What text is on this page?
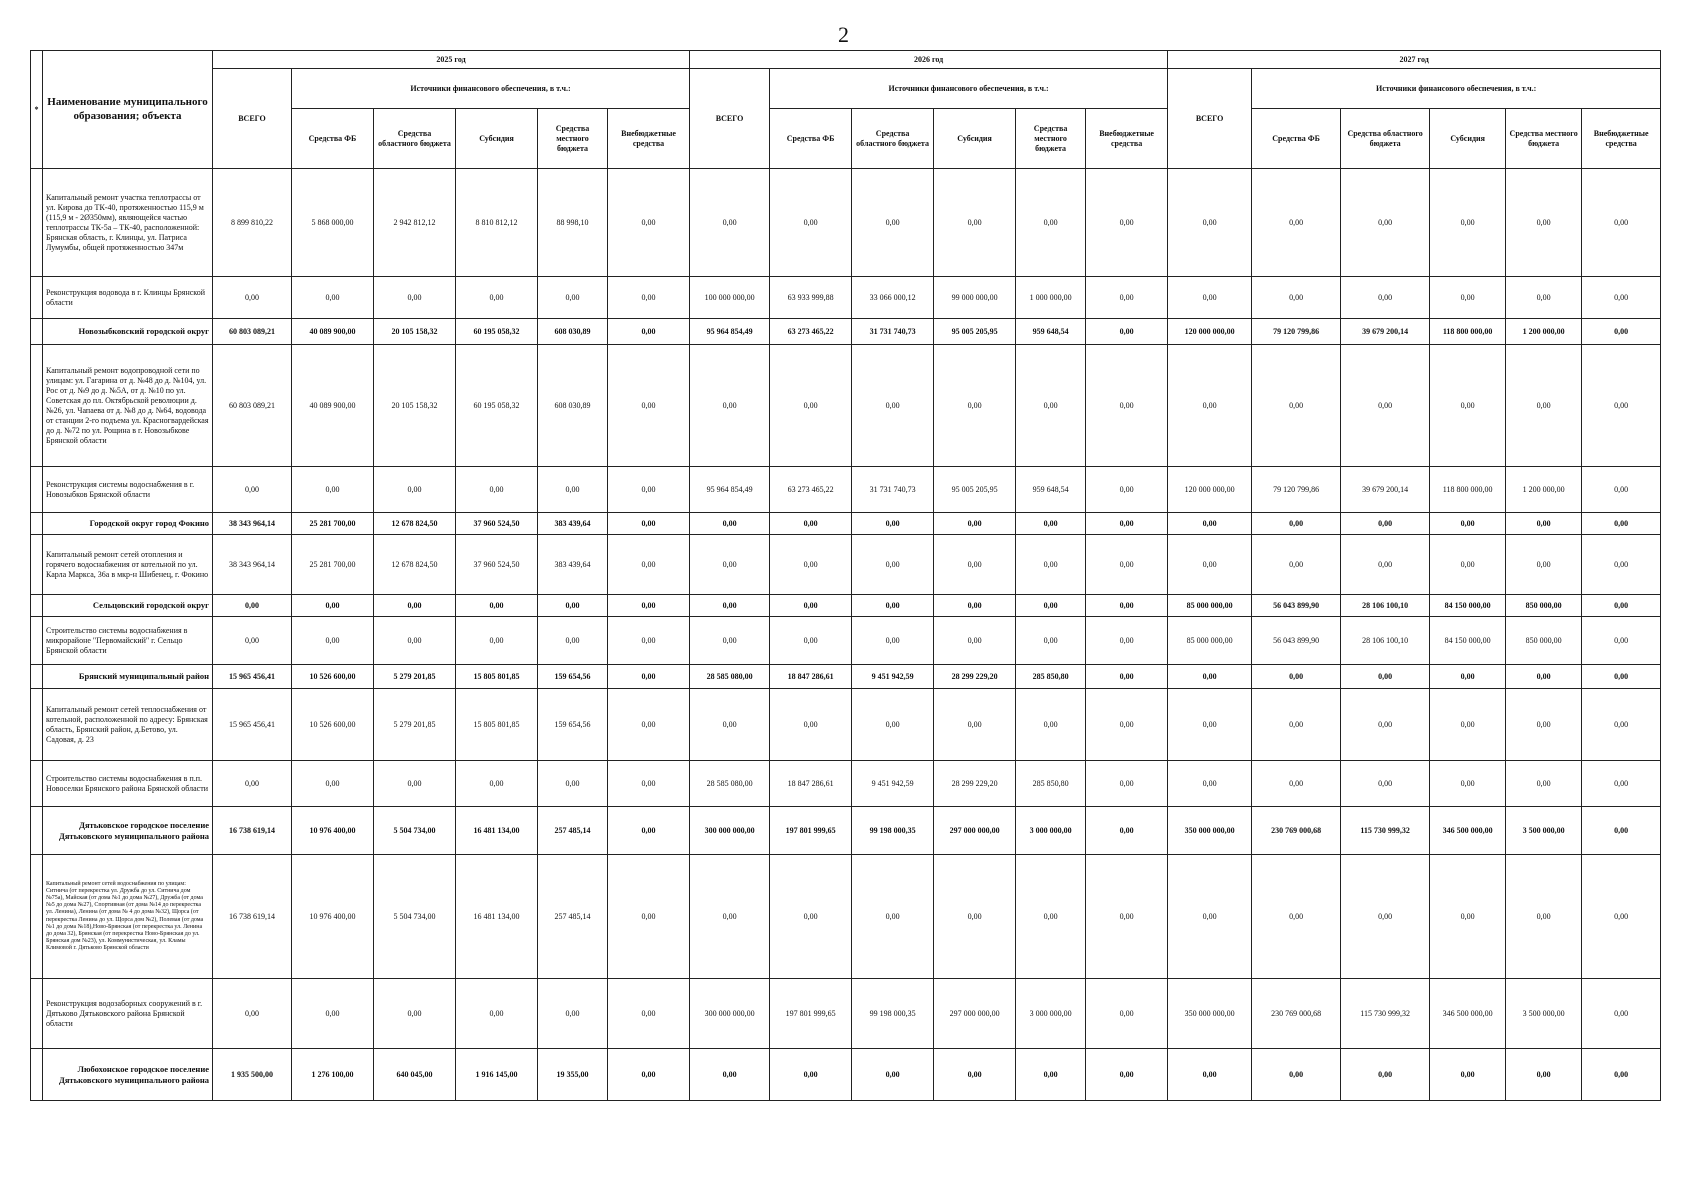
2
*	Наименование муниципального образования; объекта	2025 год						2026 год						2027 год					
		ВСЕГО	Источники финансового обеспечения, в т.ч.:					ВСЕГО	Источники финансового обеспечения, в т.ч.:					ВСЕГО	Источники финансового обеспечения, в т.ч.:				
			Средства ФБ	Средства областного бюджета	Субсидия	Средства местного бюджета	Внебюджетные средства		Средства ФБ	Средства областного бюджета	Субсидия	Средства местного бюджета	Внебюджетные средства		Средства ФБ	Средства областного бюджета	Субсидия	Средства местного бюджета	Внебюджетные средства
	Капитальный ремонт участка теплотрассы от ул. Кирова до ТК-40, протяженностью 115,9 м (115,9 м - 2Ø350мм), являющейся частью теплотрассы ТК-5а – ТК-40, расположенной: Брянская область, г. Клинцы, ул. Патриса Лумумбы, общей протяженностью 347м	8 899 810,22	5 868 000,00	2 942 812,12	8 810 812,12	88 998,10	0,00	0,00	0,00	0,00	0,00	0,00	0,00	0,00	0,00	0,00	0,00	0,00	0,00
	Реконструкция водовода в г. Клинцы Брянской области	0,00	0,00	0,00	0,00	0,00	0,00	100 000 000,00	63 933 999,88	33 066 000,12	99 000 000,00	1 000 000,00	0,00	0,00	0,00	0,00	0,00	0,00	0,00
	Новозыбковский городской округ	60 803 089,21	40 089 900,00	20 105 158,32	60 195 058,32	608 030,89	0,00	95 964 854,49	63 273 465,22	31 731 740,73	95 005 205,95	959 648,54	0,00	120 000 000,00	79 120 799,86	39 679 200,14	118 800 000,00	1 200 000,00	0,00
	Капитальный ремонт водопроводной сети по улицам: ул. Гагарина от д. №48 до д. №104, ул. Рос от д. №9 до д. №5А, от д. №10 по ул. Советская до пл. Октябрьской революции д. №26, ул. Чапаева от д. №8 до д. №64, водовода от станции 2-го подъема ул. Красногвардейская до д. №72 по ул. Рощина в г. Новозыбкове Брянской области	60 803 089,21	40 089 900,00	20 105 158,32	60 195 058,32	608 030,89	0,00	0,00	0,00	0,00	0,00	0,00	0,00	0,00	0,00	0,00	0,00	0,00	0,00
	Реконструкция системы водоснабжения в г. Новозыбков Брянской области	0,00	0,00	0,00	0,00	0,00	0,00	95 964 854,49	63 273 465,22	31 731 740,73	95 005 205,95	959 648,54	0,00	120 000 000,00	79 120 799,86	39 679 200,14	118 800 000,00	1 200 000,00	0,00
	Городской округ город Фокино	38 343 964,14	25 281 700,00	12 678 824,50	37 960 524,50	383 439,64	0,00	0,00	0,00	0,00	0,00	0,00	0,00	0,00	0,00	0,00	0,00	0,00	0,00
	Капитальный ремонт сетей отопления и горячего водоснабжения от котельной по ул. Карла Маркса, 36а в мкр-н Шибенец, г. Фокино	38 343 964,14	25 281 700,00	12 678 824,50	37 960 524,50	383 439,64	0,00	0,00	0,00	0,00	0,00	0,00	0,00	0,00	0,00	0,00	0,00	0,00	0,00
	Сельцовский городской округ	0,00	0,00	0,00	0,00	0,00	0,00	0,00	0,00	0,00	0,00	0,00	0,00	85 000 000,00	56 043 899,90	28 106 100,10	84 150 000,00	850 000,00	0,00
	Строительство системы водоснабжения в микрорайоне "Первомайский" г. Сельцо Брянской области	0,00	0,00	0,00	0,00	0,00	0,00	0,00	0,00	0,00	0,00	0,00	0,00	85 000 000,00	56 043 899,90	28 106 100,10	84 150 000,00	850 000,00	0,00
	Брянский муниципальный район	15 965 456,41	10 526 600,00	5 279 201,85	15 805 801,85	159 654,56	0,00	28 585 080,00	18 847 286,61	9 451 942,59	28 299 229,20	285 850,80	0,00	0,00	0,00	0,00	0,00	0,00	0,00
	Капитальный ремонт сетей теплоснабжения от котельной, расположенной по адресу: Брянская область, Брянский район, д.Бетово, ул. Садовая, д. 23	15 965 456,41	10 526 600,00	5 279 201,85	15 805 801,85	159 654,56	0,00	0,00	0,00	0,00	0,00	0,00	0,00	0,00	0,00	0,00	0,00	0,00	0,00
	Строительство системы водоснабжения в п.п. Новоселки Брянского района Брянской области	0,00	0,00	0,00	0,00	0,00	0,00	28 585 080,00	18 847 286,61	9 451 942,59	28 299 229,20	285 850,80	0,00	0,00	0,00	0,00	0,00	0,00	0,00
	Дятьковское городское поселение Дятьковского муниципального района	16 738 619,14	10 976 400,00	5 504 734,00	16 481 134,00	257 485,14	0,00	300 000 000,00	197 801 999,65	99 198 000,35	297 000 000,00	3 000 000,00	0,00	350 000 000,00	230 769 000,68	115 730 999,32	346 500 000,00	3 500 000,00	0,00
	Капитальный ремонт сетей водоснабжения по улицам: Ситнича (от перекрестка ул. Дружба до ул. Ситнича дом №75а), Майская (от дома №1 до дома №27), Дружба (от дома №5 до дома №27), Спортивная (от дома №14 до перекрестка ул. Ленина), Ленина (от дома № 4 до дома №32), Щорса (от перекрестка Ленина до ул. Щорса дом №2), Полевая (от дома №1 до дома №18),Ново-Брянская (от перекрестка ул. Ленина до дома 32), Брянская (от перекрестка Ново-Брянская до ул. Брянская дом №23), ул. Коммунистическая, ул. Кламы Климовой г. Дятьково Брянской области	16 738 619,14	10 976 400,00	5 504 734,00	16 481 134,00	257 485,14	0,00	0,00	0,00	0,00	0,00	0,00	0,00	0,00	0,00	0,00	0,00	0,00	0,00
	Реконструкция водозаборных сооружений в г. Дятьково Дятьковского района Брянской области	0,00	0,00	0,00	0,00	0,00	0,00	300 000 000,00	197 801 999,65	99 198 000,35	297 000 000,00	3 000 000,00	0,00	350 000 000,00	230 769 000,68	115 730 999,32	346 500 000,00	3 500 000,00	0,00
	Любохонское городское поселение Дятьковского муниципального района	1 935 500,00	1 276 100,00	640 045,00	1 916 145,00	19 355,00	0,00	0,00	0,00	0,00	0,00	0,00	0,00	0,00	0,00	0,00	0,00	0,00	0,00
